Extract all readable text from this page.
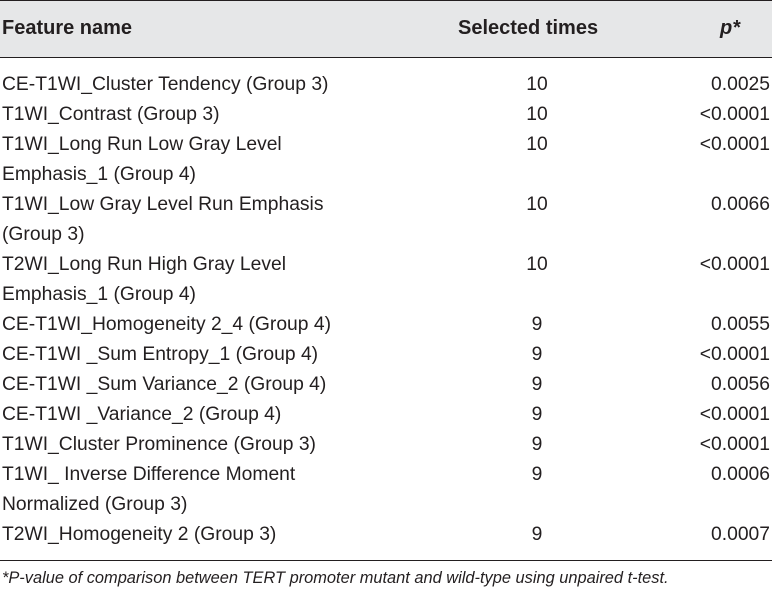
Feature name	Selected times	p*
CE-T1WI_Cluster Tendency (Group 3)	10	0.0025
T1WI_Contrast (Group 3)	10	<0.0001
T1WI_Long Run Low Gray Level	10	<0.0001
Emphasis_1 (Group 4)
T1WI_Low Gray Level Run Emphasis	10	0.0066
(Group 3)
T2WI_Long Run High Gray Level	10	<0.0001
Emphasis_1 (Group 4)
CE-T1WI_Homogeneity 2_4 (Group 4)	9	0.0055
CE-T1WI _Sum Entropy_1 (Group 4)	9	<0.0001
CE-T1WI _Sum Variance_2 (Group 4)	9	0.0056
CE-T1WI _Variance_2 (Group 4)	9	<0.0001
T1WI_Cluster Prominence (Group 3)	9	<0.0001
T1WI_ Inverse Difference Moment	9	0.0006
Normalized (Group 3)
T2WI_Homogeneity 2 (Group 3)	9	0.0007
*P-value of comparison between TERT promoter mutant and wild-type using unpaired t-test.
